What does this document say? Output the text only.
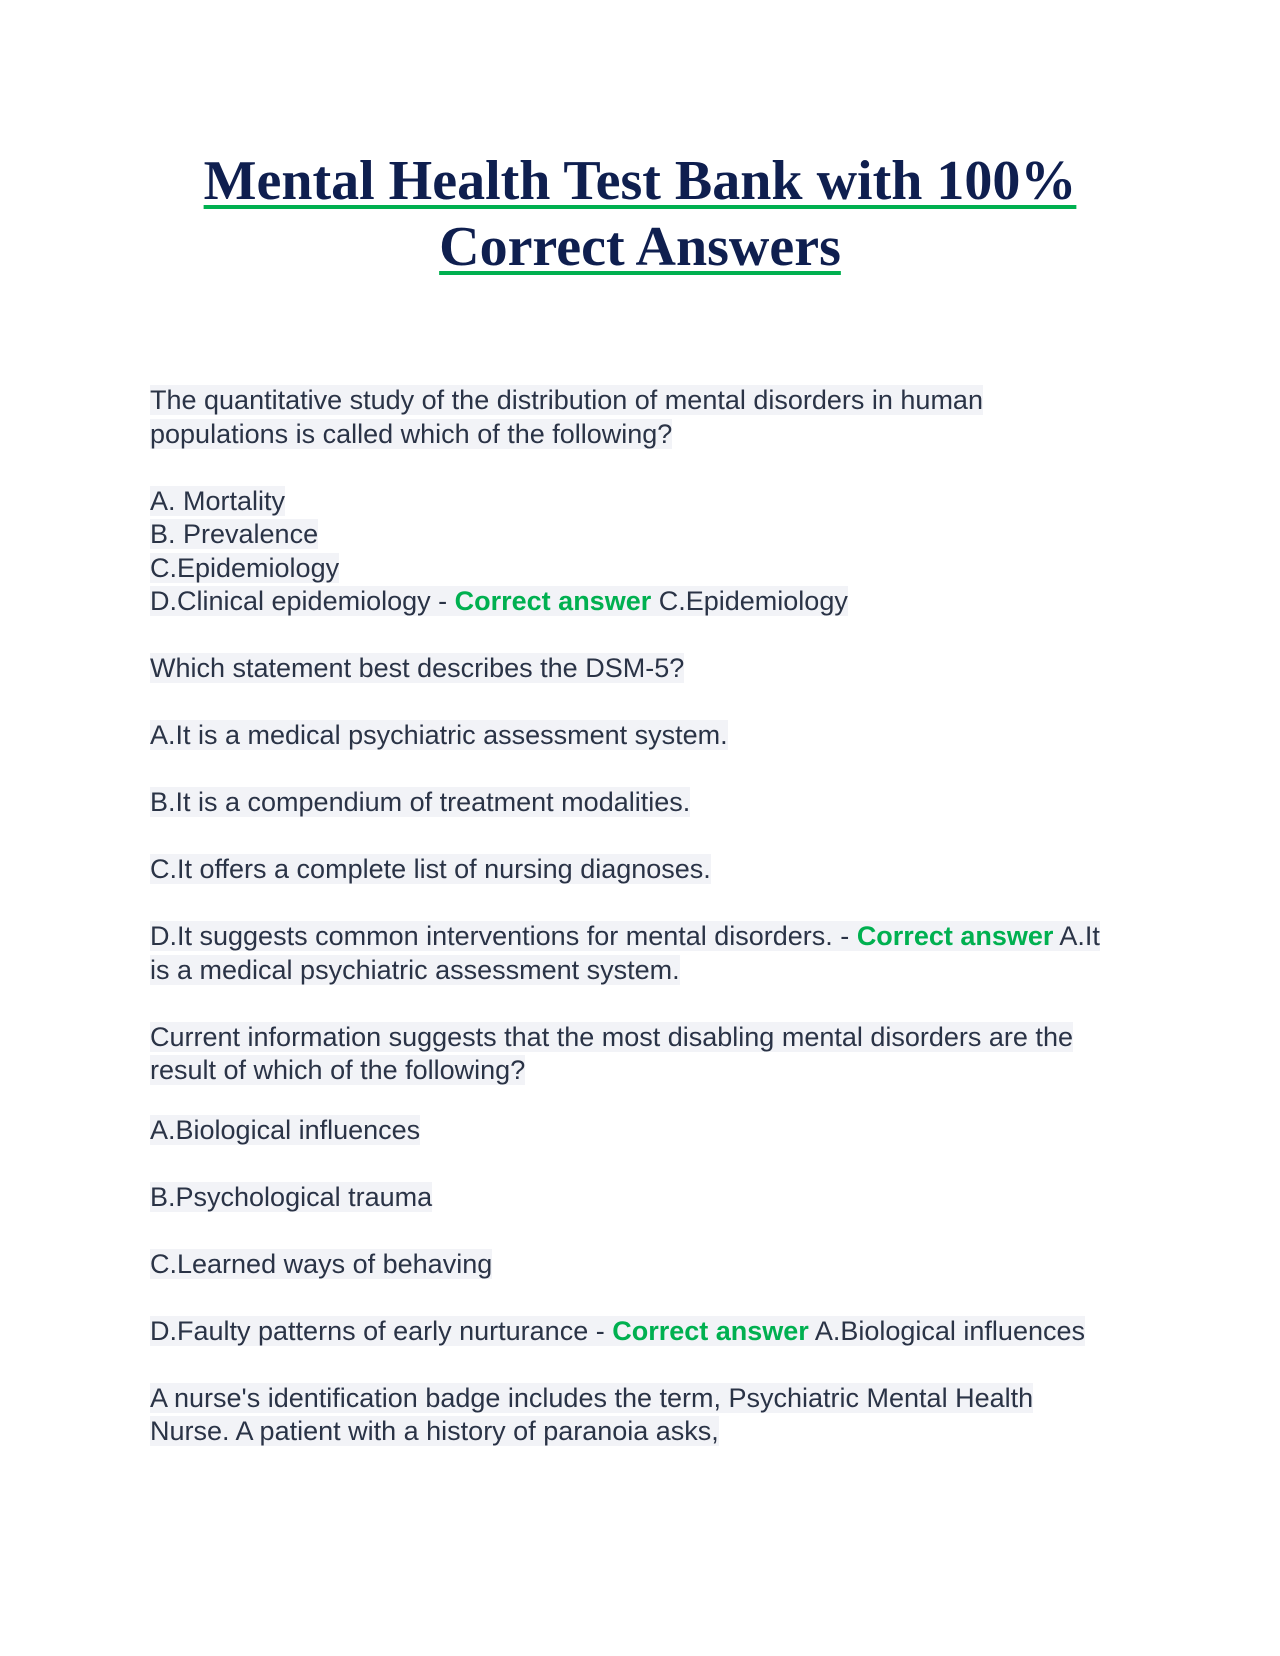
Mental Health Test Bank with 100%
Correct Answers

The quantitative study of the distribution of mental disorders in human populations is called which of the following?

A. Mortality

B. Prevalence

C.Epidemiology

D.Clinical epidemiology - Correct answer C.Epidemiology

Which statement best describes the DSM-5?

A.It is a medical psychiatric assessment system.

B.It is a compendium of treatment modalities.

C.It offers a complete list of nursing diagnoses.

D.It suggests common interventions for mental disorders. - Correct answer A.It is a medical psychiatric assessment system.

Current information suggests that the most disabling mental disorders are the result of which of the following?

A.Biological influences

B.Psychological trauma

C.Learned ways of behaving

D.Faulty patterns of early nurturance - Correct answer A.Biological influences

A nurse's identification badge includes the term, Psychiatric Mental Health Nurse. A patient with a history of paranoia asks,
